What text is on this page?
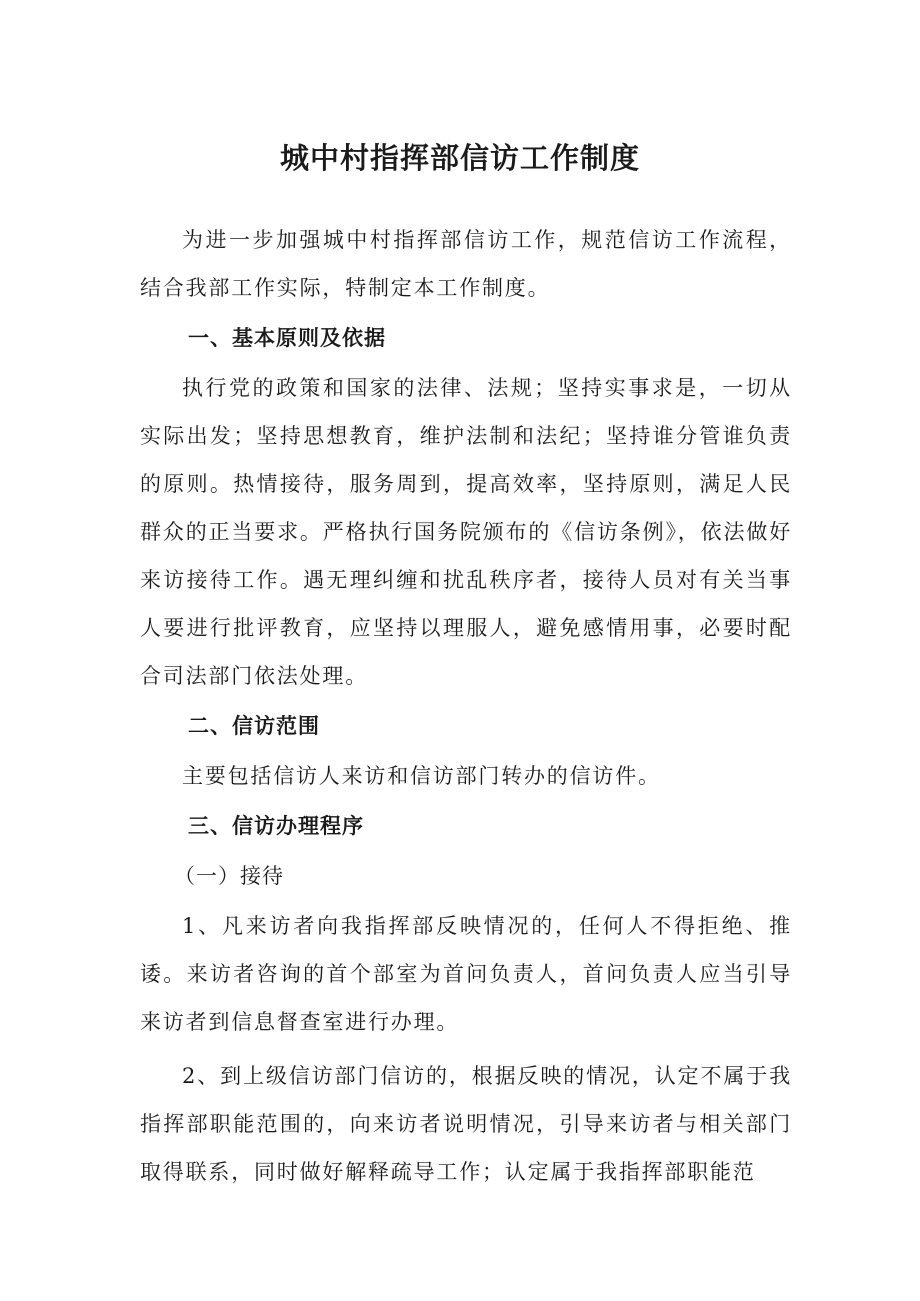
城中村指挥部信访工作制度

为进一步加强城中村指挥部信访工作，规范信访工作流程，结合我部工作实际，特制定本工作制度。

一、基本原则及依据

执行党的政策和国家的法律、法规；坚持实事求是，一切从实际出发；坚持思想教育，维护法制和法纪；坚持谁分管谁负责的原则。热情接待，服务周到，提高效率，坚持原则，满足人民群众的正当要求。严格执行国务院颁布的《信访条例》，依法做好来访接待工作。遇无理纠缠和扰乱秩序者，接待人员对有关当事人要进行批评教育，应坚持以理服人，避免感情用事，必要时配合司法部门依法处理。

二、信访范围

主要包括信访人来访和信访部门转办的信访件。

三、信访办理程序

（一）接待

1、凡来访者向我指挥部反映情况的，任何人不得拒绝、推诿。来访者咨询的首个部室为首问负责人，首问负责人应当引导来访者到信息督查室进行办理。

2、到上级信访部门信访的，根据反映的情况，认定不属于我指挥部职能范围的，向来访者说明情况，引导来访者与相关部门取得联系，同时做好解释疏导工作；认定属于我指挥部职能范
